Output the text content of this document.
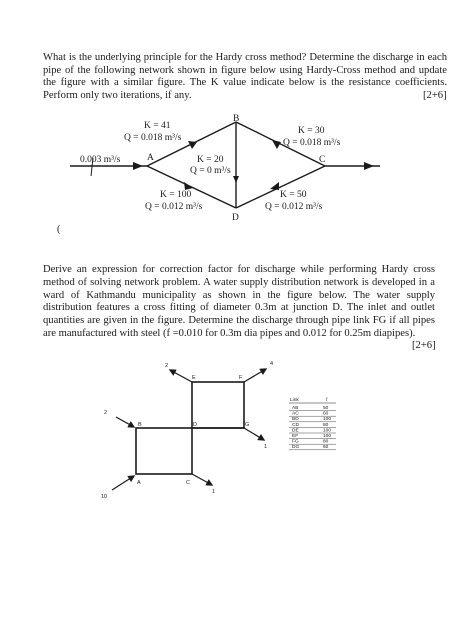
What is the underlying principle for the Hardy cross method? Determine the discharge in each pipe of the following network shown in figure below using Hardy-Cross method and update the figure with a similar figure. The K value indicate below is the resistance coefficients. Perform only two iterations, if any.	[2+6]
0.003 m³/s	A
B
C
D
K = 41
Q = 0.018 m³/s
K = 30
Q = 0.018 m³/s
K = 20
Q = 0 m³/s
K = 100
Q = 0.012 m³/s
K = 50
Q = 0.012 m³/s
A
B
C
D
E	F
G
2	4
2
1
10
1
Link	f
AB	50
AC	60
BD	100
CD	80
DE	100
EF	100
FG	80
DG	60
(
Derive an expression for correction factor for discharge while performing Hardy cross method of solving network problem. A water supply distribution network is developed in a ward of Kathmandu municipality as shown in the figure below. The water supply distribution features a cross fitting of diameter 0.3m at junction D. The inlet and outlet quantities are given in the figure. Determine the discharge through pipe link FG if all pipes are manufactured with steel (f =0.010 for 0.3m dia pipes and 0.012 for 0.25m diapipes).
[2+6]
